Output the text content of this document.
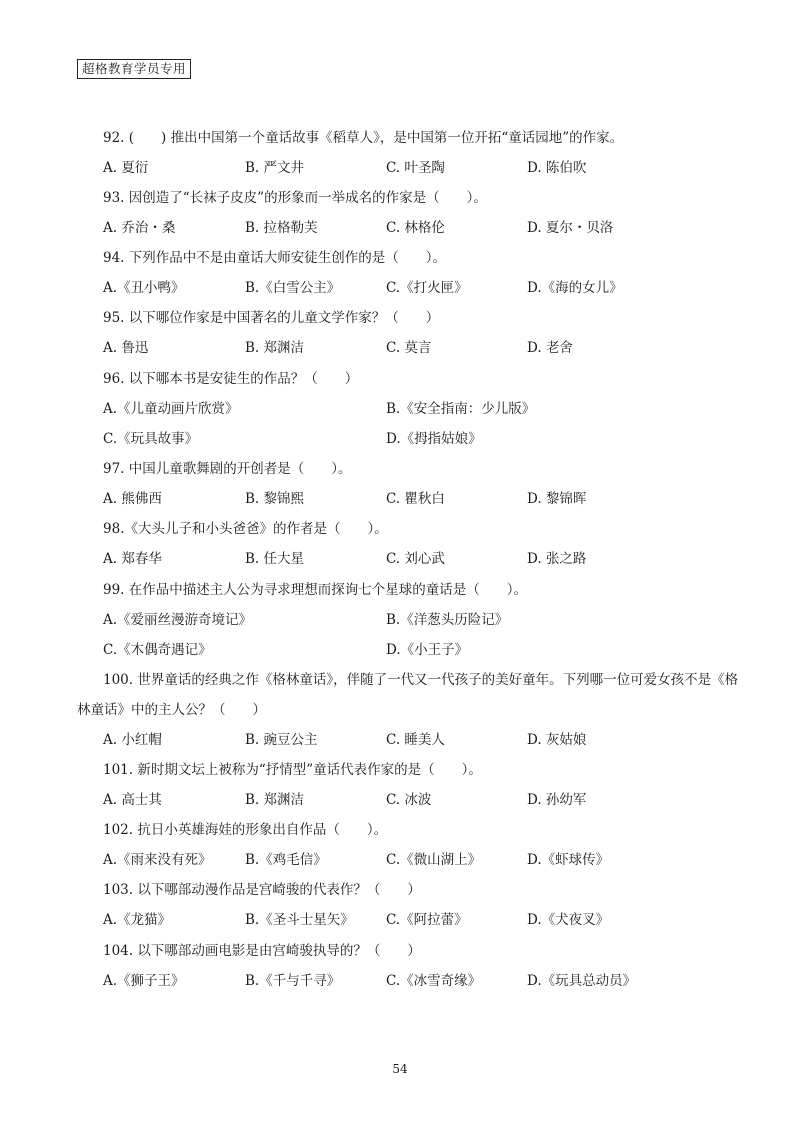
超格教育学员专用
92. (　　) 推出中国第一个童话故事《稻草人》，是中国第一位开拓“童话园地”的作家。
A. 夏衍	B. 严文井	C. 叶圣陶	D. 陈伯吹
93. 因创造了“长袜子皮皮”的形象而一举成名的作家是（　　）。
A. 乔治・桑	B. 拉格勒芙	C. 林格伦	D. 夏尔・贝洛
94. 下列作品中不是由童话大师安徒生创作的是（　　）。
A.《丑小鸭》	B.《白雪公主》	C.《打火匣》	D.《海的女儿》
95. 以下哪位作家是中国著名的儿童文学作家？（　　）
A. 鲁迅	B. 郑渊洁	C. 莫言	D. 老舍
96. 以下哪本书是安徒生的作品？（　　）
A.《儿童动画片欣赏》	B.《安全指南：少儿版》
C.《玩具故事》	D.《拇指姑娘》
97. 中国儿童歌舞剧的开创者是（　　）。
A. 熊佛西	B. 黎锦熙	C. 瞿秋白	D. 黎锦晖
98.《大头儿子和小头爸爸》的作者是（　　）。
A. 郑春华	B. 任大星	C. 刘心武	D. 张之路
99. 在作品中描述主人公为寻求理想而探询七个星球的童话是（　　）。
A.《爱丽丝漫游奇境记》	B.《洋葱头历险记》
C.《木偶奇遇记》	D.《小王子》
100. 世界童话的经典之作《格林童话》，伴随了一代又一代孩子的美好童年。下列哪一位可爱女孩不是《格
林童话》中的主人公？（　　）
A. 小红帽	B. 豌豆公主	C. 睡美人	D. 灰姑娘
101. 新时期文坛上被称为“抒情型”童话代表作家的是（　　）。
A. 高士其	B. 郑渊洁	C. 冰波	D. 孙幼军
102. 抗日小英雄海娃的形象出自作品（　　）。
A.《雨来没有死》 B.《鸡毛信》	C.《微山湖上》	D.《虾球传》
103. 以下哪部动漫作品是宫崎骏的代表作？（　　）
A.《龙猫》	B.《圣斗士星矢》 C.《阿拉蕾》	D.《犬夜叉》
104. 以下哪部动画电影是由宫崎骏执导的？（　　）
A.《狮子王》	B.《千与千寻》	C.《冰雪奇缘》	D.《玩具总动员》
54
